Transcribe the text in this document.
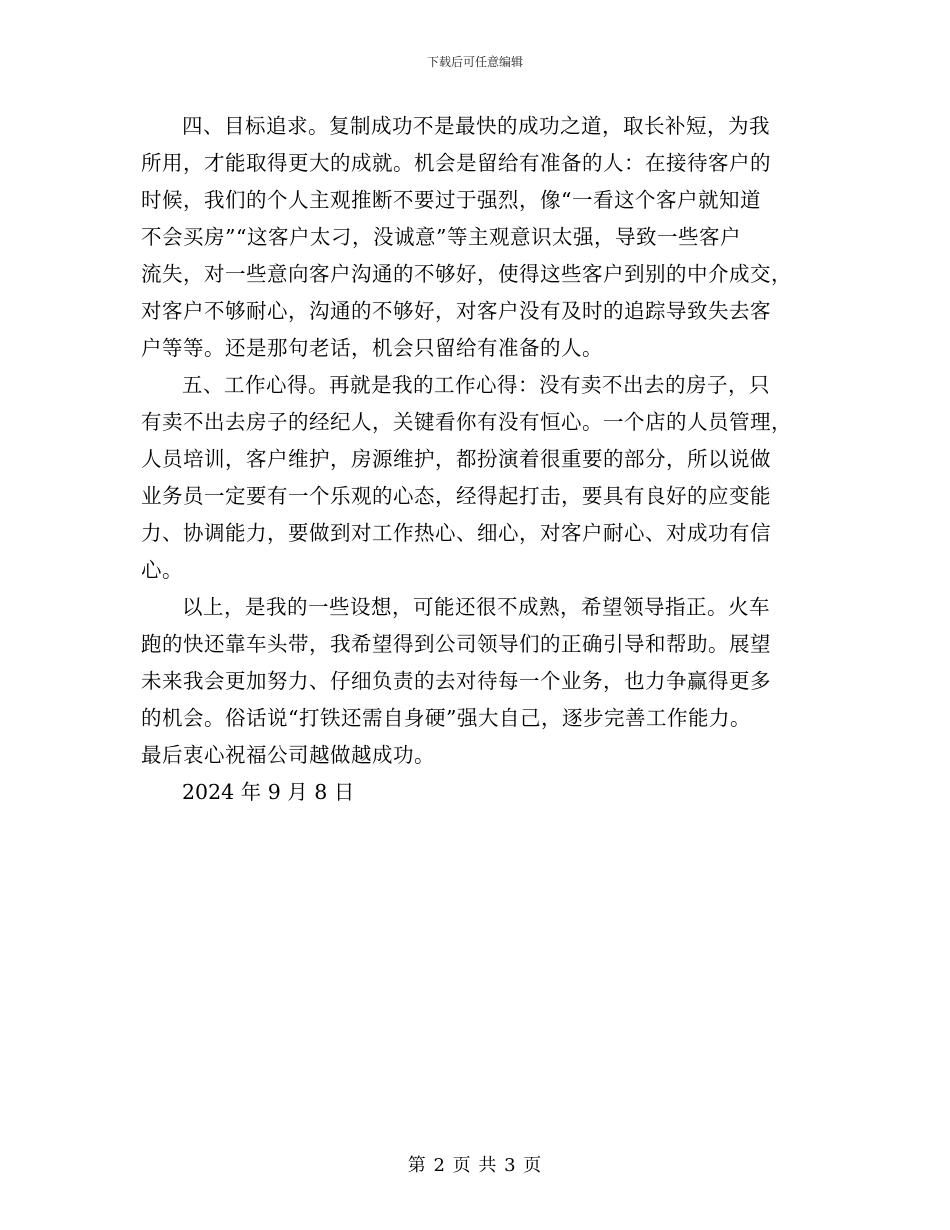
下载后可任意编辑

四、目标追求。复制成功不是最快的成功之道，取长补短，为我
所用，才能取得更大的成就。机会是留给有准备的人：在接待客户的
时候，我们的个人主观推断不要过于强烈，像“一看这个客户就知道
不会买房”“这客户太刁，没诚意”等主观意识太强，导致一些客户
流失，对一些意向客户沟通的不够好，使得这些客户到别的中介成交，
对客户不够耐心，沟通的不够好，对客户没有及时的追踪导致失去客
户等等。还是那句老话，机会只留给有准备的人。

五、工作心得。再就是我的工作心得：没有卖不出去的房子，只
有卖不出去房子的经纪人，关键看你有没有恒心。一个店的人员管理，
人员培训，客户维护，房源维护，都扮演着很重要的部分，所以说做
业务员一定要有一个乐观的心态，经得起打击，要具有良好的应变能
力、协调能力，要做到对工作热心、细心，对客户耐心、对成功有信
心。

以上，是我的一些设想，可能还很不成熟，希望领导指正。火车
跑的快还靠车头带，我希望得到公司领导们的正确引导和帮助。展望
未来我会更加努力、仔细负责的去对待每一个业务，也力争赢得更多
的机会。俗话说“打铁还需自身硬”强大自己，逐步完善工作能力。
最后衷心祝福公司越做越成功。

2024 年 9 月 8 日

第 2 页 共 3 页
